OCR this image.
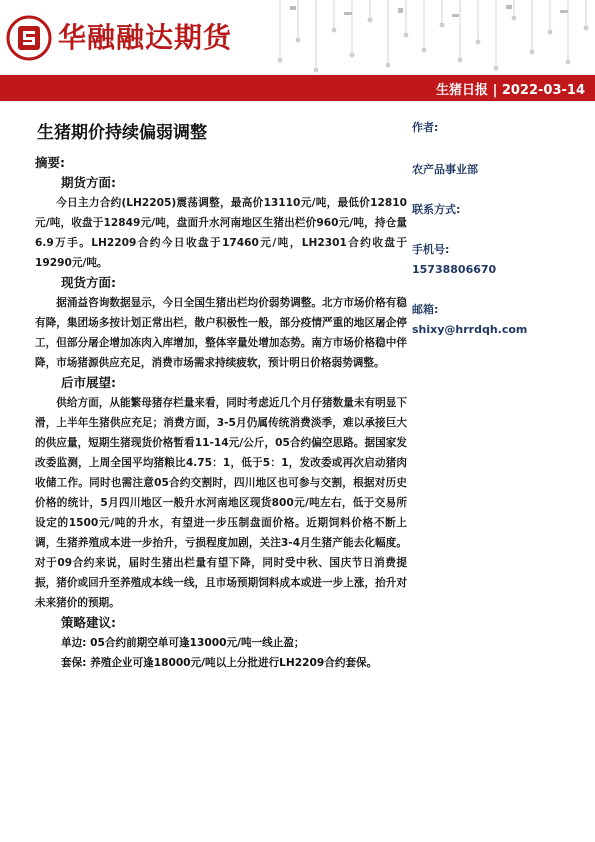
华融融达期货
生猪日报 | 2022-03-14
生猪期价持续偏弱调整
摘要:
期货方面:

今日主力合约(LH2205)震荡调整，最高价13110元/吨，最低价12810元/吨，收盘于12849元/吨，盘面升水河南地区生猪出栏价960元/吨，持仓量6.9万手。LH2209合约今日收盘于17460元/吨，LH2301合约收盘于19290元/吨。

现货方面:

据涌益咨询数据显示，今日全国生猪出栏均价弱势调整。北方市场价格有稳有降，集团场多按计划正常出栏，散户积极性一般，部分疫情严重的地区屠企停工，但部分屠企增加冻肉入库增加，整体宰量处增加态势。南方市场价格稳中伴降，市场猪源供应充足，消费市场需求持续疲软，预计明日价格弱势调整。

后市展望:

供给方面，从能繁母猪存栏量来看，同时考虑近几个月仔猪数量未有明显下滑，上半年生猪供应充足；消费方面，3-5月仍属传统消费淡季，难以承接巨大的供应量，短期生猪现货价格暂看11-14元/公斤，05合约偏空思路。据国家发改委监测，上周全国平均猪粮比4.75：1，低于5：1，发改委或再次启动猪肉收储工作。同时也需注意05合约交割时，四川地区也可参与交割，根据对历史价格的统计，5月四川地区一般升水河南地区现货800元/吨左右，低于交易所设定的1500元/吨的升水，有望进一步压制盘面价格。近期饲料价格不断上调，生猪养殖成本进一步抬升，亏损程度加剧，关注3-4月生猪产能去化幅度。对于09合约来说，届时生猪出栏量有望下降，同时受中秋、国庆节日消费提振，猪价或回升至养殖成本线一线，且市场预期饲料成本或进一步上涨，抬升对未来猪价的预期。

策略建议:

单边: 05合约前期空单可逢13000元/吨一线止盈；

套保: 养殖企业可逢18000元/吨以上分批进行LH2209合约套保。

作者:
农产品事业部
联系方式:
手机号:
15738806670
邮箱:
shixy@hrrdqh.com
